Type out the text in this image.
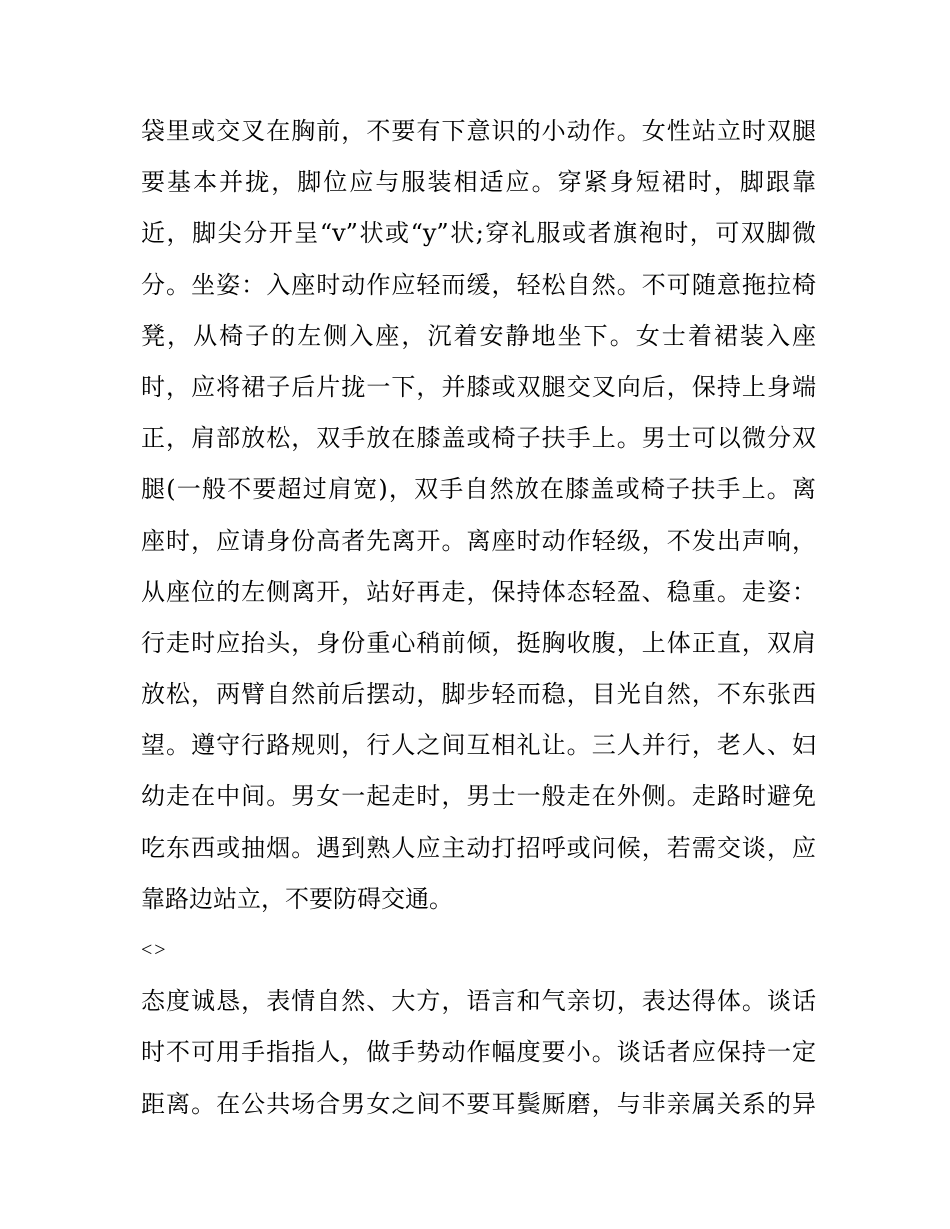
袋里或交叉在胸前，不要有下意识的小动作。女性站立时双腿
要基本并拢，脚位应与服装相适应。穿紧身短裙时，脚跟靠
近，脚尖分开呈“v”状或“y”状;穿礼服或者旗袍时，可双脚微
分。坐姿：入座时动作应轻而缓，轻松自然。不可随意拖拉椅
凳，从椅子的左侧入座，沉着安静地坐下。女士着裙装入座
时，应将裙子后片拢一下，并膝或双腿交叉向后，保持上身端
正，肩部放松，双手放在膝盖或椅子扶手上。男士可以微分双
腿(一般不要超过肩宽)，双手自然放在膝盖或椅子扶手上。离
座时，应请身份高者先离开。离座时动作轻级，不发出声响，
从座位的左侧离开，站好再走，保持体态轻盈、稳重。走姿：
行走时应抬头，身份重心稍前倾，挺胸收腹，上体正直，双肩
放松，两臂自然前后摆动，脚步轻而稳，目光自然，不东张西
望。遵守行路规则，行人之间互相礼让。三人并行，老人、妇
幼走在中间。男女一起走时，男士一般走在外侧。走路时避免
吃东西或抽烟。遇到熟人应主动打招呼或问候，若需交谈，应
靠路边站立，不要防碍交通。
<>
态度诚恳，表情自然、大方，语言和气亲切，表达得体。谈话
时不可用手指指人，做手势动作幅度要小。谈话者应保持一定
距离。在公共场合男女之间不要耳鬓厮磨，与非亲属关系的异
